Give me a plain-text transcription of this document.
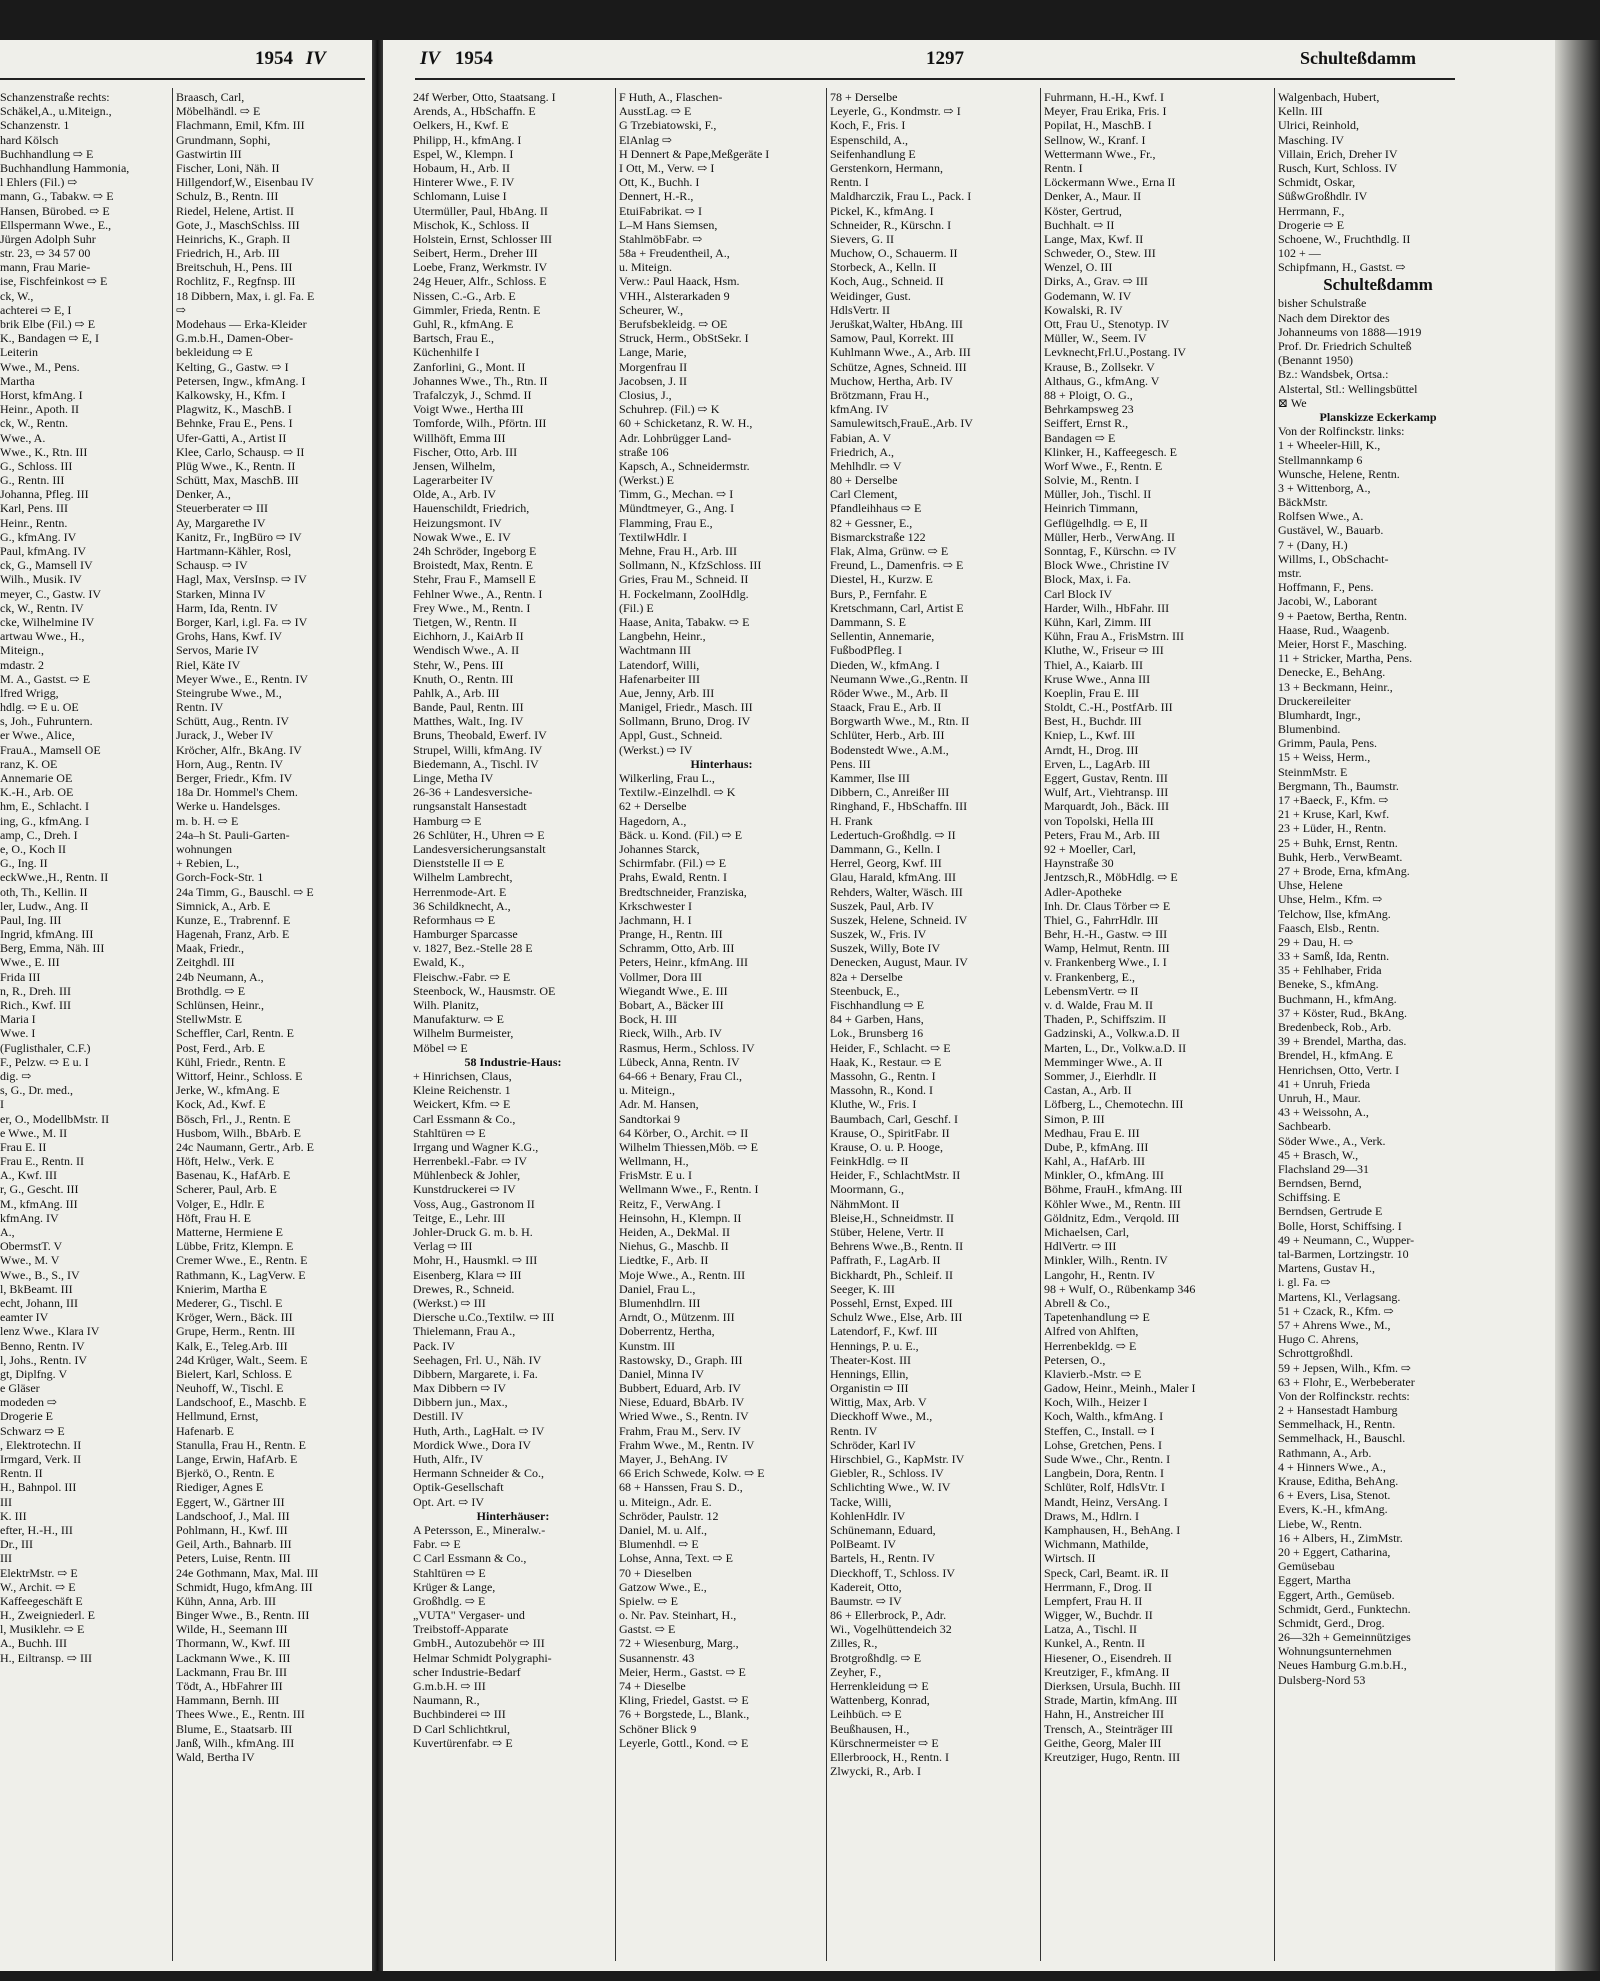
1954 IV	IV 1954	1297	Schulteßdamm
Schanzenstraße rechts:
Schäkel,A., u.Miteign.,
Schanzenstr. 1
hard Kölsch
Buchhandlung ⇨ E
Buchhandlung Hammonia,
l Ehlers (Fil.) ⇨
mann, G., Tabakw. ⇨ E
Hansen, Bürobed. ⇨ E
Ellspermann Wwe., E.,
Jürgen Adolph Suhr
str. 23, ⇨ 34 57 00
mann, Frau Marie-
ise, Fischfeinkost ⇨ E
ck, W.,
achterei ⇨ E, I
brik Elbe (Fil.) ⇨ E
K., Bandagen ⇨ E, I
Leiterin
Wwe., M., Pens.
Martha
Horst, kfmAng. I
Heinr., Apoth. II
ck, W., Rentn.
Wwe., A.
Wwe., K., Rtn. III
G., Schloss. III
G., Rentn. III
Johanna, Pfleg. III
Karl, Pens. III
Heinr., Rentn.
G., kfmAng. IV
Paul, kfmAng. IV
ck, G., Mamsell IV
Wilh., Musik. IV
meyer, C., Gastw. IV
ck, W., Rentn. IV
cke, Wilhelmine IV
artwau Wwe., H.,
Miteign.,
mdastr. 2
M. A., Gastst. ⇨ E
lfred Wrigg,
hdlg. ⇨ E u. OE
s, Joh., Fuhruntern.
er Wwe., Alice,
FrauA., Mamsell OE
ranz, K. OE
Annemarie OE
K.-H., Arb. OE
hm, E., Schlacht. I
ing, G., kfmAng. I
amp, C., Dreh. I
e, O., Koch II
G., Ing. II
eckWwe.,H., Rentn. II
oth, Th., Kellin. II
ler, Ludw., Ang. II
Paul, Ing. III
Ingrid, kfmAng. III
Berg, Emma, Näh. III
Wwe., E. III
Frida III
n, R., Dreh. III
Rich., Kwf. III
Maria I
Wwe. I
(Fuglisthaler, C.F.)
F., Pelzw. ⇨ E u. I
dig. ⇨
s, G., Dr. med.,
I
er, O., ModellbMstr. II
e Wwe., M. II
Frau E. II
Frau E., Rentn. II
A., Kwf. III
r, G., Gescht. III
M., kfmAng. III
kfmAng. IV
A.,
ObermstT. V
Wwe., M. V
Wwe., B., S., IV
l, BkBeamt. III
echt, Johann, III
eamter IV
lenz Wwe., Klara IV
Benno, Rentn. IV
l, Johs., Rentn. IV
gt, Diplfng. V
e Gläser
modeden ⇨
Drogerie E
Schwarz ⇨ E
, Elektrotechn. II
Irmgard, Verk. II
Rentn. II
H., Bahnpol. III
III
K. III
efter, H.-H., III
Dr., III
III
ElektrMstr. ⇨ E
W., Archit. ⇨ E
Kaffeegeschäft E
H., Zweigniederl. E
l, Musiklehr. ⇨ E
A., Buchh. III
H., Eiltransp. ⇨ III
Braasch, Carl,
Möbelhändl. ⇨ E
Flachmann, Emil, Kfm. III
Grundmann, Sophi,
Gastwirtin III
Fischer, Loni, Näh. II
Hillgendorf,W., Eisenbau IV
Schulz, B., Rentn. III
Riedel, Helene, Artist. II
Gote, J., MaschSchlss. III
Heinrichs, K., Graph. II
Friedrich, H., Arb. III
Breitschuh, H., Pens. III
Rochlitz, F., Regfnsp. III
18 Dibbern, Max, i. gl. Fa. E
⇨
Modehaus — Erka-Kleider
G.m.b.H., Damen-Ober-
bekleidung ⇨ E
Kelting, G., Gastw. ⇨ I
Petersen, Ingw., kfmAng. I
Kalkowsky, H., Kfm. I
Plagwitz, K., MaschB. I
Behnke, Frau E., Pens. I
Ufer-Gatti, A., Artist II
Klee, Carlo, Schausp. ⇨ II
Plüg Wwe., K., Rentn. II
Schütt, Max, MaschB. III
Denker, A.,
Steuerberater ⇨ III
Ay, Margarethe IV
Kanitz, Fr., IngBüro ⇨ IV
Hartmann-Kähler, Rosl,
Schausp. ⇨ IV
Hagl, Max, VersInsp. ⇨ IV
Starken, Minna IV
Harm, Ida, Rentn. IV
Borger, Karl, i.gl. Fa. ⇨ IV
Grohs, Hans, Kwf. IV
Servos, Marie IV
Riel, Käte IV
Meyer Wwe., E., Rentn. IV
Steingrube Wwe., M.,
Rentn. IV
Schütt, Aug., Rentn. IV
Jurack, J., Weber IV
Kröcher, Alfr., BkAng. IV
Horn, Aug., Rentn. IV
Berger, Friedr., Kfm. IV
18a Dr. Hommel's Chem.
Werke u. Handelsges.
m. b. H. ⇨ E
24a–h St. Pauli-Garten-
wohnungen
+ Rebien, L.,
Gorch-Fock-Str. 1
24a Timm, G., Bauschl. ⇨ E
Simnick, A., Arb. E
Kunze, E., Trabrennf. E
Hagenah, Franz, Arb. E
Maak, Friedr.,
Zeitghdl. III
24b Neumann, A.,
Brothdlg. ⇨ E
Schlünsen, Heinr.,
StellwMstr. E
Scheffler, Carl, Rentn. E
Post, Ferd., Arb. E
Kühl, Friedr., Rentn. E
Wittorf, Heinr., Schloss. E
Jerke, W., kfmAng. E
Kock, Ad., Kwf. E
Bösch, Frl., J., Rentn. E
Husbom, Wilh., BbArb. E
24c Naumann, Gertr., Arb. E
Höft, Helw., Verk. E
Basenau, K., HafArb. E
Scherer, Paul, Arb. E
Volger, E., Hdlr. E
Höft, Frau H. E
Matterne, Hermiene E
Lübbe, Fritz, Klempn. E
Cremer Wwe., E., Rentn. E
Rathmann, K., LagVerw. E
Knierim, Martha E
Mederer, G., Tischl. E
Kröger, Wern., Bäck. III
Grupe, Herm., Rentn. III
Kalk, E., Teleg.Arb. III
24d Krüger, Walt., Seem. E
Bielert, Karl, Schloss. E
Neuhoff, W., Tischl. E
Landschoof, E., Maschb. E
Hellmund, Ernst,
Hafenarb. E
Stanulla, Frau H., Rentn. E
Lange, Erwin, HafArb. E
Bjerkö, O., Rentn. E
Riediger, Agnes E
Eggert, W., Gärtner III
Landschoof, J., Mal. III
Pohlmann, H., Kwf. III
Geil, Arth., Bahnarb. III
Peters, Luise, Rentn. III
24e Gothmann, Max, Mal. III
Schmidt, Hugo, kfmAng. III
Kühn, Anna, Arb. III
Binger Wwe., B., Rentn. III
Wilde, H., Seemann III
Thormann, W., Kwf. III
Lackmann Wwe., K. III
Lackmann, Frau Br. III
Tödt, A., HbFahrer III
Hammann, Bernh. III
Thees Wwe., E., Rentn. III
Blume, E., Staatsarb. III
Janß, Wilh., kfmAng. III
Wald, Bertha IV
24f Werber, Otto, Staatsang. I
Arends, A., HbSchaffn. E
Oelkers, H., Kwf. E
Philipp, H., kfmAng. I
Espel, W., Klempn. I
Hobaum, H., Arb. II
Hinterer Wwe., F. IV
Schlomann, Luise I
Utermüller, Paul, HbAng. II
Mischok, K., Schloss. II
Holstein, Ernst, Schlosser III
Seibert, Herm., Dreher III
Loebe, Franz, Werkmstr. IV
24g Heuer, Alfr., Schloss. E
Nissen, C.-G., Arb. E
Gimmler, Frieda, Rentn. E
Guhl, R., kfmAng. E
Bartsch, Frau E.,
Küchenhilfe I
Zanforlini, G., Mont. II
Johannes Wwe., Th., Rtn. II
Trafalczyk, J., Schmd. II
Voigt Wwe., Hertha III
Tomforde, Wilh., Pförtn. III
Willhöft, Emma III
Fischer, Otto, Arb. III
Jensen, Wilhelm,
Lagerarbeiter IV
Olde, A., Arb. IV
Hauenschildt, Friedrich,
Heizungsmont. IV
Nowak Wwe., E. IV
24h Schröder, Ingeborg E
Broistedt, Max, Rentn. E
Stehr, Frau F., Mamsell E
Fehlner Wwe., A., Rentn. I
Frey Wwe., M., Rentn. I
Tietgen, W., Rentn. II
Eichhorn, J., KaiArb II
Wendisch Wwe., A. II
Stehr, W., Pens. III
Knuth, O., Rentn. III
Pahlk, A., Arb. III
Bande, Paul, Rentn. III
Matthes, Walt., Ing. IV
Bruns, Theobald, Ewerf. IV
Strupel, Willi, kfmAng. IV
Biedemann, A., Tischl. IV
Linge, Metha IV
26-36 + Landesversiche-
rungsanstalt Hansestadt
Hamburg ⇨ E
26 Schlüter, H., Uhren ⇨ E
Landesversicherungsanstalt
Dienststelle II ⇨ E
Wilhelm Lambrecht,
Herrenmode-Art. E
36 Schildknecht, A.,
Reformhaus ⇨ E
Hamburger Sparcasse
v. 1827, Bez.-Stelle 28 E
Ewald, K.,
Fleischw.-Fabr. ⇨ E
Steenbock, W., Hausmstr. OE
Wilh. Planitz,
Manufakturw. ⇨ E
Wilhelm Burmeister,
Möbel ⇨ E
58 Industrie-Haus:
+ Hinrichsen, Claus,
Kleine Reichenstr. 1
Weickert, Kfm. ⇨ E
Carl Essmann & Co.,
Stahltüren ⇨ E
Irrgang und Wagner K.G.,
Herrenbekl.-Fabr. ⇨ IV
Mühlenbeck & Johler,
Kunstdruckerei ⇨ IV
Voss, Aug., Gastronom II
Teitge, E., Lehr. III
Johler-Druck G. m. b. H.
Verlag ⇨ III
Mohr, H., Hausmkl. ⇨ III
Eisenberg, Klara ⇨ III
Drewes, R., Schneid.
(Werkst.) ⇨ III
Diersche u.Co.,Textilw. ⇨ III
Thielemann, Frau A.,
Pack. IV
Seehagen, Frl. U., Näh. IV
Dibbern, Margarete, i. Fa.
Max Dibbern ⇨ IV
Dibbern jun., Max.,
Destill. IV
Huth, Arth., LagHalt. ⇨ IV
Mordick Wwe., Dora IV
Huth, Alfr., IV
Hermann Schneider & Co.,
Optik-Gesellschaft
Opt. Art. ⇨ IV
Hinterhäuser:
A Petersson, E., Mineralw.-
Fabr. ⇨ E
C Carl Essmann & Co.,
Stahltüren ⇨ E
Krüger & Lange,
Großhdlg. ⇨ E
„VUTA" Vergaser- und
Treibstoff-Apparate
GmbH., Autozubehör ⇨ III
Helmar Schmidt Polygraphi-
scher Industrie-Bedarf
G.m.b.H. ⇨ III
Naumann, R.,
Buchbinderei ⇨ III
D Carl Schlichtkrul,
Kuvertürenfabr. ⇨ E
F Huth, A., Flaschen-
AusstLag. ⇨ E
G Trzebiatowski, F.,
ElAnlag ⇨
H Dennert & Pape,Meßgeräte I
I Ott, M., Verw. ⇨ I
Ott, K., Buchh. I
Dennert, H.-R.,
EtuiFabrikat. ⇨ I
L–M Hans Siemsen,
StahlmöbFabr. ⇨
58a + Freudentheil, A.,
u. Miteign.
Verw.: Paul Haack, Hsm.
VHH., Alsterarkaden 9
Scheurer, W.,
Berufsbekleidg. ⇨ OE
Struck, Herm., ObStSekr. I
Lange, Marie,
Morgenfrau II
Jacobsen, J. II
Closius, J.,
Schuhrep. (Fil.) ⇨ K
60 + Schicketanz, R. W. H.,
Adr. Lohbrügger Land-
straße 106
Kapsch, A., Schneidermstr.
(Werkst.) E
Timm, G., Mechan. ⇨ I
Mündtmeyer, G., Ang. I
Flamming, Frau E.,
TextilwHdlr. I
Mehne, Frau H., Arb. III
Sollmann, N., KfzSchloss. III
Gries, Frau M., Schneid. II
H. Fockelmann, ZoolHdlg.
(Fil.) E
Haase, Anita, Tabakw. ⇨ E
Langbehn, Heinr.,
Wachtmann III
Latendorf, Willi,
Hafenarbeiter III
Aue, Jenny, Arb. III
Manigel, Friedr., Masch. III
Sollmann, Bruno, Drog. IV
Appl, Gust., Schneid.
(Werkst.) ⇨ IV
Hinterhaus:
Wilkerling, Frau L.,
Textilw.-Einzelhdl. ⇨ K
62 + Derselbe
Hagedorn, A.,
Bäck. u. Kond. (Fil.) ⇨ E
Johannes Starck,
Schirmfabr. (Fil.) ⇨ E
Prahs, Ewald, Rentn. I
Bredtschneider, Franziska,
Krkschwester I
Jachmann, H. I
Prange, H., Rentn. III
Schramm, Otto, Arb. III
Peters, Heinr., kfmAng. III
Vollmer, Dora III
Wiegandt Wwe., E. III
Bobart, A., Bäcker III
Bock, H. III
Rieck, Wilh., Arb. IV
Rasmus, Herm., Schloss. IV
Lübeck, Anna, Rentn. IV
64-66 + Benary, Frau Cl.,
u. Miteign.,
Adr. M. Hansen,
Sandtorkai 9
64 Körber, O., Archit. ⇨ II
Wilhelm Thiessen,Möb. ⇨ E
Wellmann, H.,
FrisMstr. E u. I
Wellmann Wwe., F., Rentn. I
Reitz, F., VerwAng. I
Heinsohn, H., Klempn. II
Heiden, A., DekMal. II
Niehus, G., Maschb. II
Liedtke, F., Arb. II
Moje Wwe., A., Rentn. III
Daniel, Frau L.,
Blumenhdlrn. III
Arndt, O., Mützenm. III
Doberrentz, Hertha,
Kunstm. III
Rastowsky, D., Graph. III
Daniel, Minna IV
Bubbert, Eduard, Arb. IV
Niese, Eduard, BbArb. IV
Wried Wwe., S., Rentn. IV
Frahm, Frau M., Serv. IV
Frahm Wwe., M., Rentn. IV
Mayer, J., BehAng. IV
66 Erich Schwede, Kolw. ⇨ E
68 + Hanssen, Frau S. D.,
u. Miteign., Adr. E.
Schröder, Paulstr. 12
Daniel, M. u. Alf.,
Blumenhdl. ⇨ E
Lohse, Anna, Text. ⇨ E
70 + Dieselben
Gatzow Wwe., E.,
Spielw. ⇨ E
o. Nr. Pav. Steinhart, H.,
Gastst. ⇨ E
72 + Wiesenburg, Marg.,
Susannenstr. 43
Meier, Herm., Gastst. ⇨ E
74 + Dieselbe
Kling, Friedel, Gastst. ⇨ E
76 + Borgstede, L., Blank.,
Schöner Blick 9
Leyerle, Gottl., Kond. ⇨ E
78 + Derselbe
Leyerle, G., Kondmstr. ⇨ I
Koch, F., Fris. I
Espenschild, A.,
Seifenhandlung E
Gerstenkorn, Hermann,
Rentn. I
Maldharczik, Frau L., Pack. I
Pickel, K., kfmAng. I
Schneider, R., Kürschn. I
Sievers, G. II
Muchow, O., Schauerm. II
Storbeck, A., Kelln. II
Koch, Aug., Schneid. II
Weidinger, Gust.
HdlsVertr. II
Jeruškat,Walter, HbAng. III
Samow, Paul, Korrekt. III
Kuhlmann Wwe., A., Arb. III
Schütze, Agnes, Schneid. III
Muchow, Hertha, Arb. IV
Brötzmann, Frau H.,
kfmAng. IV
Samulewitsch,FrauE.,Arb. IV
Fabian, A. V
Friedrich, A.,
Mehlhdlr. ⇨ V
80 + Derselbe
Carl Clement,
Pfandleihhaus ⇨ E
82 + Gessner, E.,
Bismarckstraße 122
Flak, Alma, Grünw. ⇨ E
Freund, L., Damenfris. ⇨ E
Diestel, H., Kurzw. E
Burs, P., Fernfahr. E
Kretschmann, Carl, Artist E
Dammann, S. E
Sellentin, Annemarie,
FußbodPfleg. I
Dieden, W., kfmAng. I
Neumann Wwe.,G.,Rentn. II
Röder Wwe., M., Arb. II
Staack, Frau E., Arb. II
Borgwarth Wwe., M., Rtn. II
Schlüter, Herb., Arb. III
Bodenstedt Wwe., A.M.,
Pens. III
Kammer, Ilse III
Dibbern, C., Anreißer III
Ringhand, F., HbSchaffn. III
H. Frank
Ledertuch-Großhdlg. ⇨ II
Dammann, G., Kelln. I
Herrel, Georg, Kwf. III
Glau, Harald, kfmAng. III
Rehders, Walter, Wäsch. III
Suszek, Paul, Arb. IV
Suszek, Helene, Schneid. IV
Suszek, W., Fris. IV
Suszek, Willy, Bote IV
Denecken, August, Maur. IV
82a + Derselbe
Steenbuck, E.,
Fischhandlung ⇨ E
84 + Garben, Hans,
Lok., Brunsberg 16
Heider, F., Schlacht. ⇨ E
Haak, K., Restaur. ⇨ E
Massohn, G., Rentn. I
Massohn, R., Kond. I
Kluthe, W., Fris. I
Baumbach, Carl, Geschf. I
Krause, O., SpiritFabr. II
Krause, O. u. P. Hooge,
FeinkHdlg. ⇨ II
Heider, F., SchlachtMstr. II
Moormann, G.,
NähmMont. II
Bleise,H., Schneidmstr. II
Stüber, Helene, Vertr. II
Behrens Wwe.,B., Rentn. II
Paffrath, F., LagArb. II
Bickhardt, Ph., Schleif. II
Seeger, K. III
Possehl, Ernst, Exped. III
Schulz Wwe., Else, Arb. III
Latendorf, F., Kwf. III
Hennings, P. u. E.,
Theater-Kost. III
Hennings, Ellin,
Organistin ⇨ III
Wittig, Max, Arb. V
Dieckhoff Wwe., M.,
Rentn. IV
Schröder, Karl IV
Hirschbiel, G., KapMstr. IV
Giebler, R., Schloss. IV
Schlichting Wwe., W. IV
Tacke, Willi,
KohlenHdlr. IV
Schünemann, Eduard,
PolBeamt. IV
Bartels, H., Rentn. IV
Dieckhoff, T., Schloss. IV
Kadereit, Otto,
Baumstr. ⇨ IV
86 + Ellerbrock, P., Adr.
Wi., Vogelhüttendeich 32
Zilles, R.,
Brotgroßhdlg. ⇨ E
Zeyher, F.,
Herrenkleidung ⇨ E
Wattenberg, Konrad,
Leihbüch. ⇨ E
Beußhausen, H.,
Kürschnermeister ⇨ E
Ellerbroock, H., Rentn. I
Zlwycki, R., Arb. I
Fuhrmann, H.-H., Kwf. I
Meyer, Frau Erika, Fris. I
Popilat, H., MaschB. I
Sellnow, W., Kranf. I
Wettermann Wwe., Fr.,
Rentn. I
Löckermann Wwe., Erna II
Denker, A., Maur. II
Köster, Gertrud,
Buchhalt. ⇨ II
Lange, Max, Kwf. II
Schweder, O., Stew. III
Wenzel, O. III
Dirks, A., Grav. ⇨ III
Godemann, W. IV
Kowalski, R. IV
Ott, Frau U., Stenotyp. IV
Müller, W., Seem. IV
Levknecht,Frl.U.,Postang. IV
Krause, B., Zollsekr. V
Althaus, G., kfmAng. V
88 + Ploigt, O. G.,
Behrkampsweg 23
Seiffert, Ernst R.,
Bandagen ⇨ E
Klinker, H., Kaffeegesch. E
Worf Wwe., F., Rentn. E
Solvie, M., Rentn. I
Müller, Joh., Tischl. II
Heinrich Timmann,
Geflügelhdlg. ⇨ E, II
Müller, Herb., VerwAng. II
Sonntag, F., Kürschn. ⇨ IV
Block Wwe., Christine IV
Block, Max, i. Fa.
Carl Block IV
Harder, Wilh., HbFahr. III
Kühn, Karl, Zimm. III
Kühn, Frau A., FrisMstrn. III
Kluthe, W., Friseur ⇨ III
Thiel, A., Kaiarb. III
Kruse Wwe., Anna III
Koeplin, Frau E. III
Stoldt, C.-H., PostfArb. III
Best, H., Buchdr. III
Kniep, L., Kwf. III
Arndt, H., Drog. III
Erven, L., LagArb. III
Eggert, Gustav, Rentn. III
Wulf, Art., Viehtransp. III
Marquardt, Joh., Bäck. III
von Topolski, Hella III
Peters, Frau M., Arb. III
92 + Moeller, Carl,
Haynstraße 30
Jentzsch,R., MöbHdlg. ⇨ E
Adler-Apotheke
Inh. Dr. Claus Törber ⇨ E
Thiel, G., FahrrHdlr. III
Behr, H.-H., Gastw. ⇨ III
Wamp, Helmut, Rentn. III
v. Frankenberg Wwe., I. I
v. Frankenberg, E.,
LebensmVertr. ⇨ II
v. d. Walde, Frau M. II
Thaden, P., Schiffszim. II
Gadzinski, A., Volkw.a.D. II
Marten, L., Dr., Volkw.a.D. II
Memminger Wwe., A. II
Sommer, J., Eierhdlr. II
Castan, A., Arb. II
Löfberg, L., Chemotechn. III
Simon, P. III
Medhau, Frau E. III
Dube, P., kfmAng. III
Kahl, A., HafArb. III
Minkler, O., kfmAng. III
Böhme, FrauH., kfmAng. III
Köhler Wwe., M., Rentn. III
Göldnitz, Edm., Verqold. III
Michaelsen, Carl,
HdlVertr. ⇨ III
Minkler, Wilh., Rentn. IV
Langohr, H., Rentn. IV
98 + Wulf, O., Rübenkamp 346
Abrell & Co.,
Tapetenhandlung ⇨ E
Alfred von Ahlften,
Herrenbekldg. ⇨ E
Petersen, O.,
Klavierb.-Mstr. ⇨ E
Gadow, Heinr., Meinh., Maler I
Koch, Wilh., Heizer I
Koch, Walth., kfmAng. I
Steffen, C., Install. ⇨ I
Lohse, Gretchen, Pens. I
Sude Wwe., Chr., Rentn. I
Langbein, Dora, Rentn. I
Schlüter, Rolf, HdlsVtr. I
Mandt, Heinz, VersAng. I
Draws, M., Hdlrn. I
Kamphausen, H., BehAng. I
Wichmann, Mathilde,
Wirtsch. II
Speck, Carl, Beamt. iR. II
Herrmann, F., Drog. II
Lempfert, Frau H. II
Wigger, W., Buchdr. II
Latza, A., Tischl. II
Kunkel, A., Rentn. II
Hiesener, O., Eisendreh. II
Kreutziger, F., kfmAng. II
Dierksen, Ursula, Buchh. III
Strade, Martin, kfmAng. III
Hahn, H., Anstreicher III
Trensch, A., Steinträger III
Geithe, Georg, Maler III
Kreutziger, Hugo, Rentn. III
Walgenbach, Hubert,
Kelln. III
Ulrici, Reinhold,
Masching. IV
Villain, Erich, Dreher IV
Rusch, Kurt, Schloss. IV
Schmidt, Oskar,
SüßwGroßhdlr. IV
Herrmann, F.,
Drogerie ⇨ E
Schoene, W., Fruchthdlg. II
102 + —
Schipfmann, H., Gastst. ⇨
Schulteßdamm
bisher Schulstraße
Nach dem Direktor des
Johanneums von 1888—1919
Prof. Dr. Friedrich Schulteß
(Benannt 1950)
Bz.: Wandsbek, Ortsa.:
Alstertal, Stl.: Wellingsbüttel
⊠ We
Planskizze Eckerkamp
Von der Rolfinckstr. links:
1 + Wheeler-Hill, K.,
Stellmannkamp 6
Wunsche, Helene, Rentn.
3 + Wittenborg, A.,
BäckMstr.
Rolfsen Wwe., A.
Gustävel, W., Bauarb.
7 + (Dany, H.)
Willms, I., ObSchacht-
mstr.
Hoffmann, F., Pens.
Jacobi, W., Laborant
9 + Paetow, Bertha, Rentn.
Haase, Rud., Waagenb.
Meier, Horst F., Masching.
11 + Stricker, Martha, Pens.
Denecke, E., BehAng.
13 + Beckmann, Heinr.,
Druckereileiter
Blumhardt, Ingr.,
Blumenbind.
Grimm, Paula, Pens.
15 + Weiss, Herm.,
SteinmMstr. E
Bergmann, Th., Baumstr.
17 +Baeck, F., Kfm. ⇨
21 + Kruse, Karl, Kwf.
23 + Lüder, H., Rentn.
25 + Buhk, Ernst, Rentn.
Buhk, Herb., VerwBeamt.
27 + Brode, Erna, kfmAng.
Uhse, Helene
Uhse, Helm., Kfm. ⇨
Telchow, Ilse, kfmAng.
Faasch, Elsb., Rentn.
29 + Dau, H. ⇨
33 + Samß, Ida, Rentn.
35 + Fehlhaber, Frida
Beneke, S., kfmAng.
Buchmann, H., kfmAng.
37 + Köster, Rud., BkAng.
Bredenbeck, Rob., Arb.
39 + Brendel, Martha, das.
Brendel, H., kfmAng. E
Henrichsen, Otto, Vertr. I
41 + Unruh, Frieda
Unruh, H., Maur.
43 + Weissohn, A.,
Sachbearb.
Söder Wwe., A., Verk.
45 + Brasch, W.,
Flachsland 29—31
Berndsen, Bernd,
Schiffsing. E
Berndsen, Gertrude E
Bolle, Horst, Schiffsing. I
49 + Neumann, C., Wupper-
tal-Barmen, Lortzingstr. 10
Martens, Gustav H.,
i. gl. Fa. ⇨
Martens, Kl., Verlagsang.
51 + Czack, R., Kfm. ⇨
57 + Ahrens Wwe., M.,
Hugo C. Ahrens,
Schrottgroßhdl.
59 + Jepsen, Wilh., Kfm. ⇨
63 + Flohr, E., Werbeberater
Von der Rolfinckstr. rechts:
2 + Hansestadt Hamburg
Semmelhack, H., Rentn.
Semmelhack, H., Bauschl.
Rathmann, A., Arb.
4 + Hinners Wwe., A.,
Krause, Editha, BehAng.
6 + Evers, Lisa, Stenot.
Evers, K.-H., kfmAng.
Liebe, W., Rentn.
16 + Albers, H., ZimMstr.
20 + Eggert, Catharina,
Gemüsebau
Eggert, Martha
Eggert, Arth., Gemüseb.
Schmidt, Gerd., Funktechn.
Schmidt, Gerd., Drog.
26—32h + Gemeinnütziges
Wohnungsunternehmen
Neues Hamburg G.m.b.H.,
Dulsberg-Nord 53
